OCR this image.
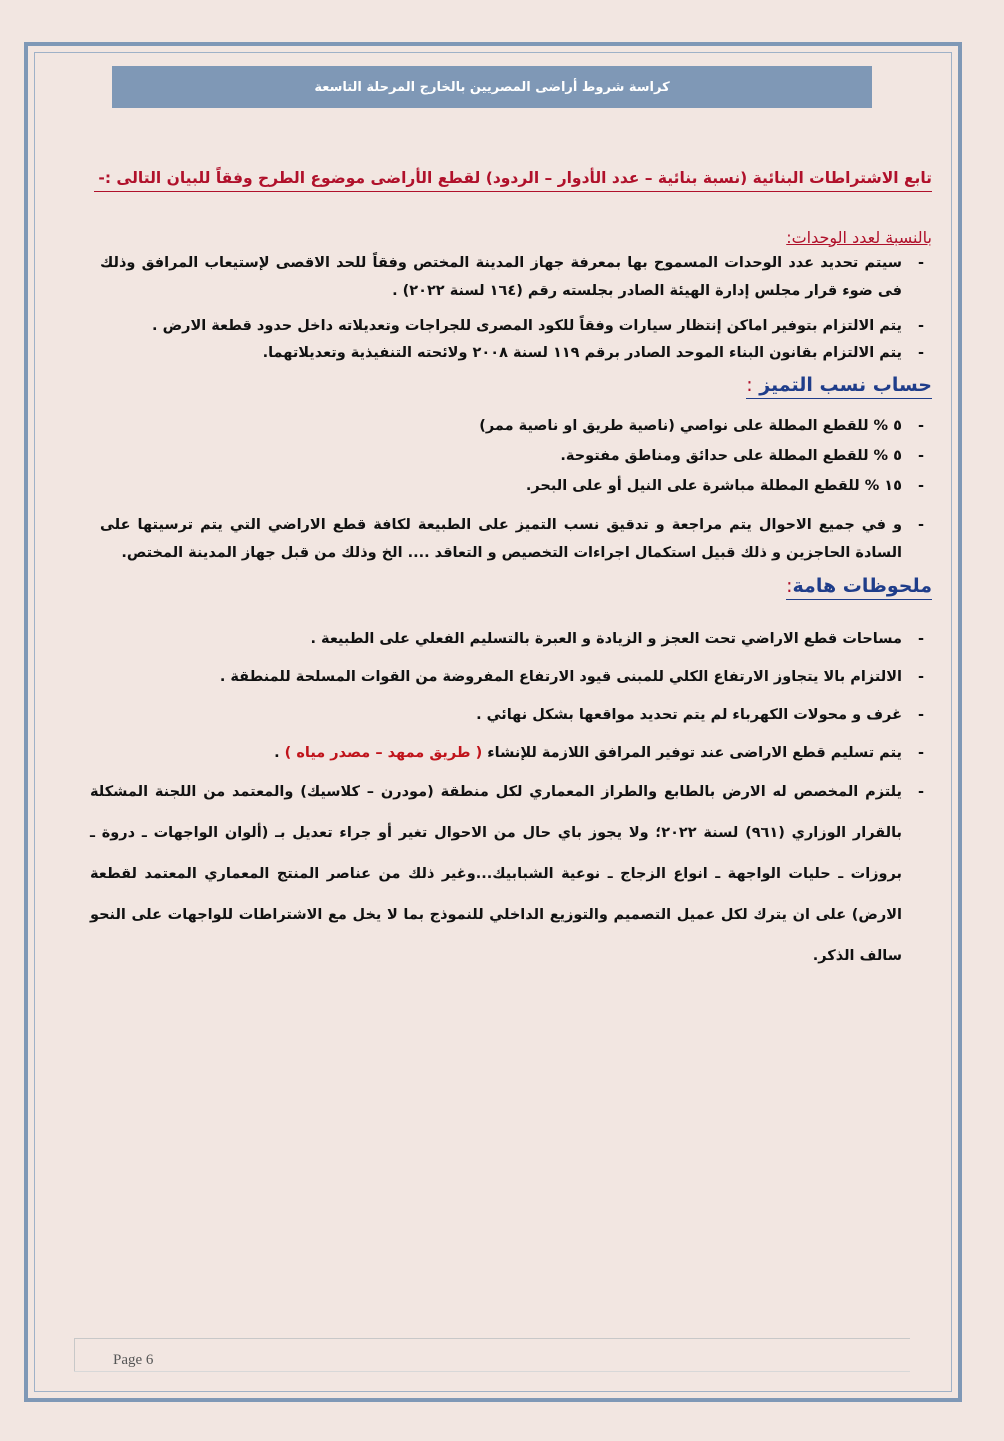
كراسة شروط أراضى المصريين بالخارج المرحلة التاسعة
تابع الاشتراطات البنائية (نسبة بنائية – عدد الأدوار – الردود) لقطع الأراضى موضوع الطرح وفقاً للبيان التالى :-
بالنسبة لعدد الوحدات:
- سيتم تحديد عدد الوحدات المسموح بها بمعرفة جهاز المدينة المختص وفقاً للحد الاقصى لإستيعاب المرافق وذلك فى ضوء قرار مجلس إدارة الهيئة الصادر بجلسته رقم (١٦٤ لسنة ٢٠٢٢) .
- يتم الالتزام بتوفير اماكن إنتظار سيارات وفقاً للكود المصرى للجراجات وتعديلاته داخل حدود قطعة الارض .
- يتم الالتزام بقانون البناء الموحد الصادر برقم ١١٩ لسنة ٢٠٠٨ ولائحته التنفيذية وتعديلاتهما.
حساب نسب التميز :
- ٥ % للقطع المطلة على نواصي (ناصية طريق او ناصية ممر)
- ٥ % للقطع المطلة على حدائق ومناطق مفتوحة.
- ١٥ % للقطع المطلة مباشرة على النيل أو على البحر.
- و في جميع الاحوال يتم مراجعة و تدقيق نسب التميز على الطبيعة لكافة قطع الاراضي التي يتم ترسيتها على السادة الحاجزين و ذلك قبيل استكمال اجراءات التخصيص و التعاقد .... الخ وذلك من قبل جهاز المدينة المختص.
ملحوظات هامة:
- مساحات قطع الاراضي تحت العجز و الزيادة و العبرة بالتسليم الفعلي على الطبيعة .
- الالتزام بالا يتجاوز الارتفاع الكلي للمبنى قيود الارتفاع المفروضة من القوات المسلحة للمنطقة .
- غرف و محولات الكهرباء لم يتم تحديد مواقعها بشكل نهائي .
- يتم تسليم قطع الاراضى عند توفير المرافق اللازمة للإنشاء ( طريق ممهد – مصدر مياه ) .
- يلتزم المخصص له الارض بالطابع والطراز المعماري لكل منطقة (مودرن – كلاسيك) والمعتمد من اللجنة المشكلة بالقرار الوزاري (٩٦١) لسنة ٢٠٢٢؛ ولا يجوز باي حال من الاحوال تغير أو جراء تعديل بـ (ألوان الواجهات ـ دروة ـ بروزات ـ حليات الواجهة ـ انواع الزجاج ـ نوعية الشبابيك...وغير ذلك من عناصر المنتج المعماري المعتمد لقطعة الارض) على ان يترك لكل عميل التصميم والتوزيع الداخلي للنموذج بما لا يخل مع الاشتراطات للواجهات على النحو سالف الذكر.
Page 6
